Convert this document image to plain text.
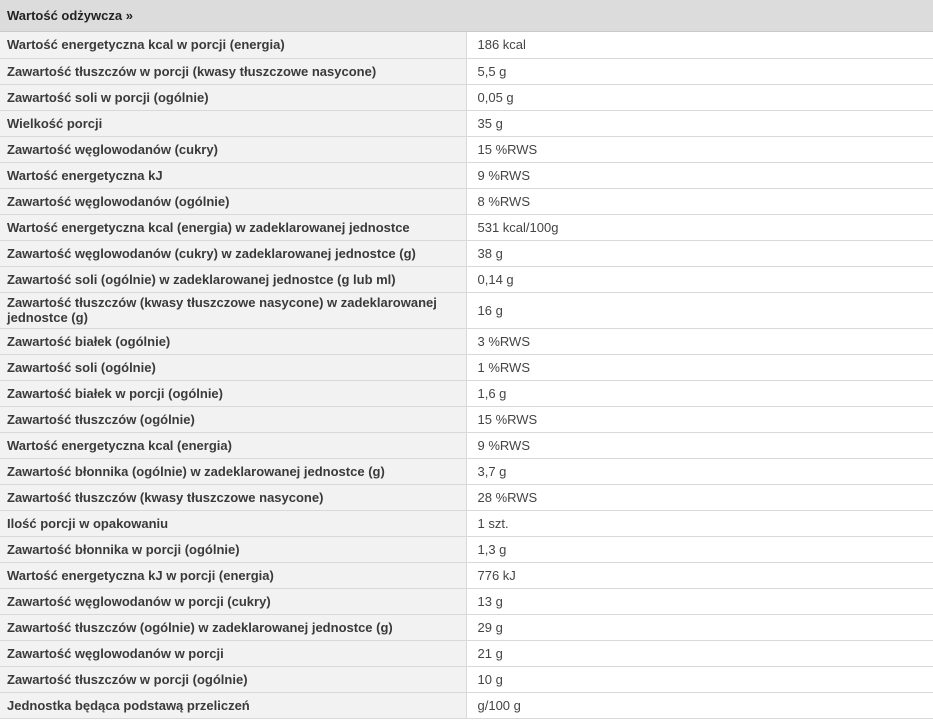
Wartość odżywcza »
Wartość energetyczna kcal w porcji (energia)	186 kcal
Zawartość tłuszczów w porcji (kwasy tłuszczowe nasycone)	5,5 g
Zawartość soli w porcji (ogólnie)	0,05 g
Wielkość porcji	35 g
Zawartość węglowodanów (cukry)	15 %RWS
Wartość energetyczna kJ	9 %RWS
Zawartość węglowodanów (ogólnie)	8 %RWS
Wartość energetyczna kcal (energia) w zadeklarowanej jednostce	531 kcal/100g
Zawartość węglowodanów (cukry) w zadeklarowanej jednostce (g)	38 g
Zawartość soli (ogólnie) w zadeklarowanej jednostce (g lub ml)	0,14 g
Zawartość tłuszczów (kwasy tłuszczowe nasycone) w zadeklarowanej jednostce (g)	16 g
Zawartość białek (ogólnie)	3 %RWS
Zawartość soli (ogólnie)	1 %RWS
Zawartość białek w porcji (ogólnie)	1,6 g
Zawartość tłuszczów (ogólnie)	15 %RWS
Wartość energetyczna kcal (energia)	9 %RWS
Zawartość błonnika (ogólnie) w zadeklarowanej jednostce (g)	3,7 g
Zawartość tłuszczów (kwasy tłuszczowe nasycone)	28 %RWS
Ilość porcji w opakowaniu	1 szt.
Zawartość błonnika w porcji (ogólnie)	1,3 g
Wartość energetyczna kJ w porcji (energia)	776 kJ
Zawartość węglowodanów w porcji (cukry)	13 g
Zawartość tłuszczów (ogólnie) w zadeklarowanej jednostce (g)	29 g
Zawartość węglowodanów w porcji	21 g
Zawartość tłuszczów w porcji (ogólnie)	10 g
Jednostka będąca podstawą przeliczeń	g/100 g
